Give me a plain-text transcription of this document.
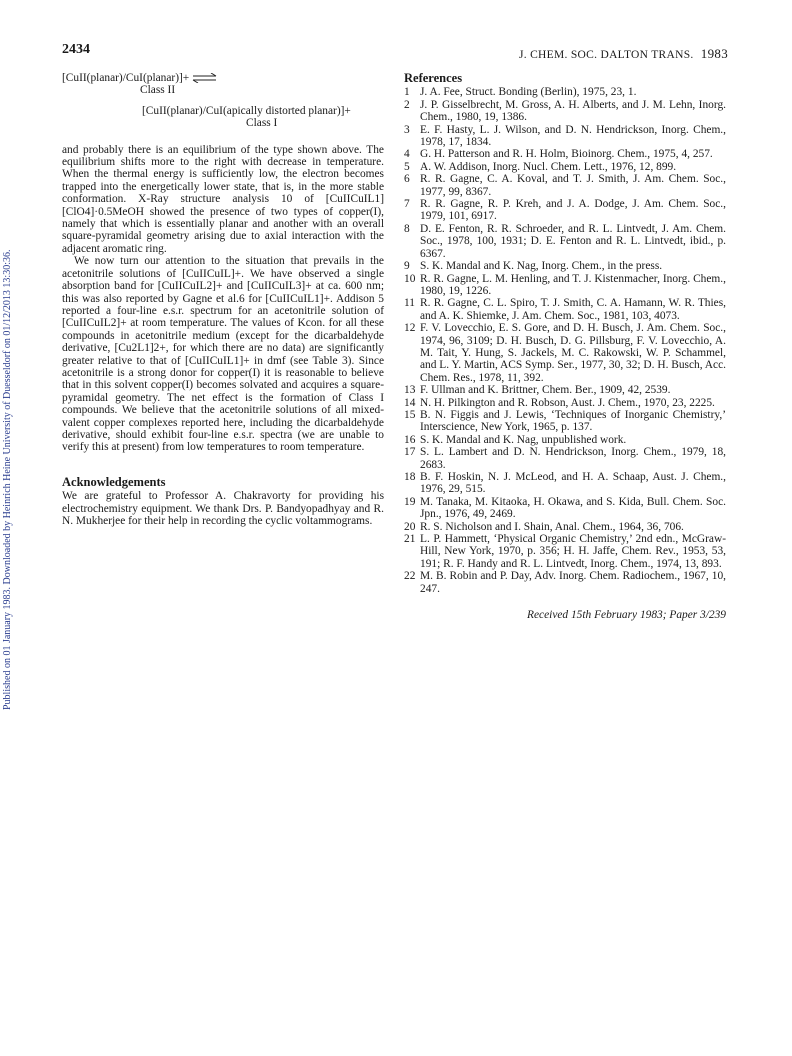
Published on 01 January 1983. Downloaded by Heinrich Heine University of Duesseldorf on 01/12/2013 13:30:36.
2434	J. CHEM. SOC. DALTON TRANS. 1983
[CuII(planar)/CuI(planar)]+ ⇌
Class II
[CuII(planar)/CuI(apically distorted planar)]+
Class I

and probably there is an equilibrium of the type shown above. The equilibrium shifts more to the right with decrease in temperature. When the thermal energy is sufficiently low, the electron becomes trapped into the energetically lower state, that is, in the more stable conformation. X-Ray structure analysis 10 of [CuIICuIL1][ClO4]·0.5MeOH showed the presence of two types of copper(I), namely that which is essentially planar and another with an overall square-pyramidal geometry arising due to axial interaction with the adjacent aromatic ring.

We now turn our attention to the situation that prevails in the acetonitrile solutions of [CuIICuIL]+. We have observed a single absorption band for [CuIICuIL2]+ and [CuIICuIL3]+ at ca. 600 nm; this was also reported by Gagne et al.6 for [CuIICuIL1]+. Addison 5 reported a four-line e.s.r. spectrum for an acetonitrile solution of [CuIICuIL2]+ at room temperature. The values of Kcon. for all these compounds in acetonitrile medium (except for the dicarbaldehyde derivative, [Cu2L1]2+, for which there are no data) are significantly greater relative to that of [CuIICuIL1]+ in dmf (see Table 3). Since acetonitrile is a strong donor for copper(I) it is reasonable to believe that in this solvent copper(I) becomes solvated and acquires a square-pyramidal geometry. The net effect is the formation of Class I compounds. We believe that the acetonitrile solutions of all mixed-valent copper complexes reported here, including the dicarbaldehyde derivative, should exhibit four-line e.s.r. spectra (we are unable to verify this at present) from low temperatures to room temperature.

Acknowledgements

We are grateful to Professor A. Chakravorty for providing his electrochemistry equipment. We thank Drs. P. Bandyopadhyay and R. N. Mukherjee for their help in recording the cyclic voltammograms.

References
1 J. A. Fee, Struct. Bonding (Berlin), 1975, 23, 1.
2 J. P. Gisselbrecht, M. Gross, A. H. Alberts, and J. M. Lehn, Inorg. Chem., 1980, 19, 1386.
3 E. F. Hasty, L. J. Wilson, and D. N. Hendrickson, Inorg. Chem., 1978, 17, 1834.
4 G. H. Patterson and R. H. Holm, Bioinorg. Chem., 1975, 4, 257.
5 A. W. Addison, Inorg. Nucl. Chem. Lett., 1976, 12, 899.
6 R. R. Gagne, C. A. Koval, and T. J. Smith, J. Am. Chem. Soc., 1977, 99, 8367.
7 R. R. Gagne, R. P. Kreh, and J. A. Dodge, J. Am. Chem. Soc., 1979, 101, 6917.
8 D. E. Fenton, R. R. Schroeder, and R. L. Lintvedt, J. Am. Chem. Soc., 1978, 100, 1931; D. E. Fenton and R. L. Lintvedt, ibid., p. 6367.
9 S. K. Mandal and K. Nag, Inorg. Chem., in the press.
10 R. R. Gagne, L. M. Henling, and T. J. Kistenmacher, Inorg. Chem., 1980, 19, 1226.
11 R. R. Gagne, C. L. Spiro, T. J. Smith, C. A. Hamann, W. R. Thies, and A. K. Shiemke, J. Am. Chem. Soc., 1981, 103, 4073.
12 F. V. Lovecchio, E. S. Gore, and D. H. Busch, J. Am. Chem. Soc., 1974, 96, 3109; D. H. Busch, D. G. Pillsburg, F. V. Lovecchio, A. M. Tait, Y. Hung, S. Jackels, M. C. Rakowski, W. P. Schammel, and L. Y. Martin, ACS Symp. Ser., 1977, 30, 32; D. H. Busch, Acc. Chem. Res., 1978, 11, 392.
13 F. Ullman and K. Brittner, Chem. Ber., 1909, 42, 2539.
14 N. H. Pilkington and R. Robson, Aust. J. Chem., 1970, 23, 2225.
15 B. N. Figgis and J. Lewis, ‘Techniques of Inorganic Chemistry,’ Interscience, New York, 1965, p. 137.
16 S. K. Mandal and K. Nag, unpublished work.
17 S. L. Lambert and D. N. Hendrickson, Inorg. Chem., 1979, 18, 2683.
18 B. F. Hoskin, N. J. McLeod, and H. A. Schaap, Aust. J. Chem., 1976, 29, 515.
19 M. Tanaka, M. Kitaoka, H. Okawa, and S. Kida, Bull. Chem. Soc. Jpn., 1976, 49, 2469.
20 R. S. Nicholson and I. Shain, Anal. Chem., 1964, 36, 706.
21 L. P. Hammett, ‘Physical Organic Chemistry,’ 2nd edn., McGraw-Hill, New York, 1970, p. 356; H. H. Jaffe, Chem. Rev., 1953, 53, 191; R. F. Handy and R. L. Lintvedt, Inorg. Chem., 1974, 13, 893.
22 M. B. Robin and P. Day, Adv. Inorg. Chem. Radiochem., 1967, 10, 247.
Received 15th February 1983; Paper 3/239
